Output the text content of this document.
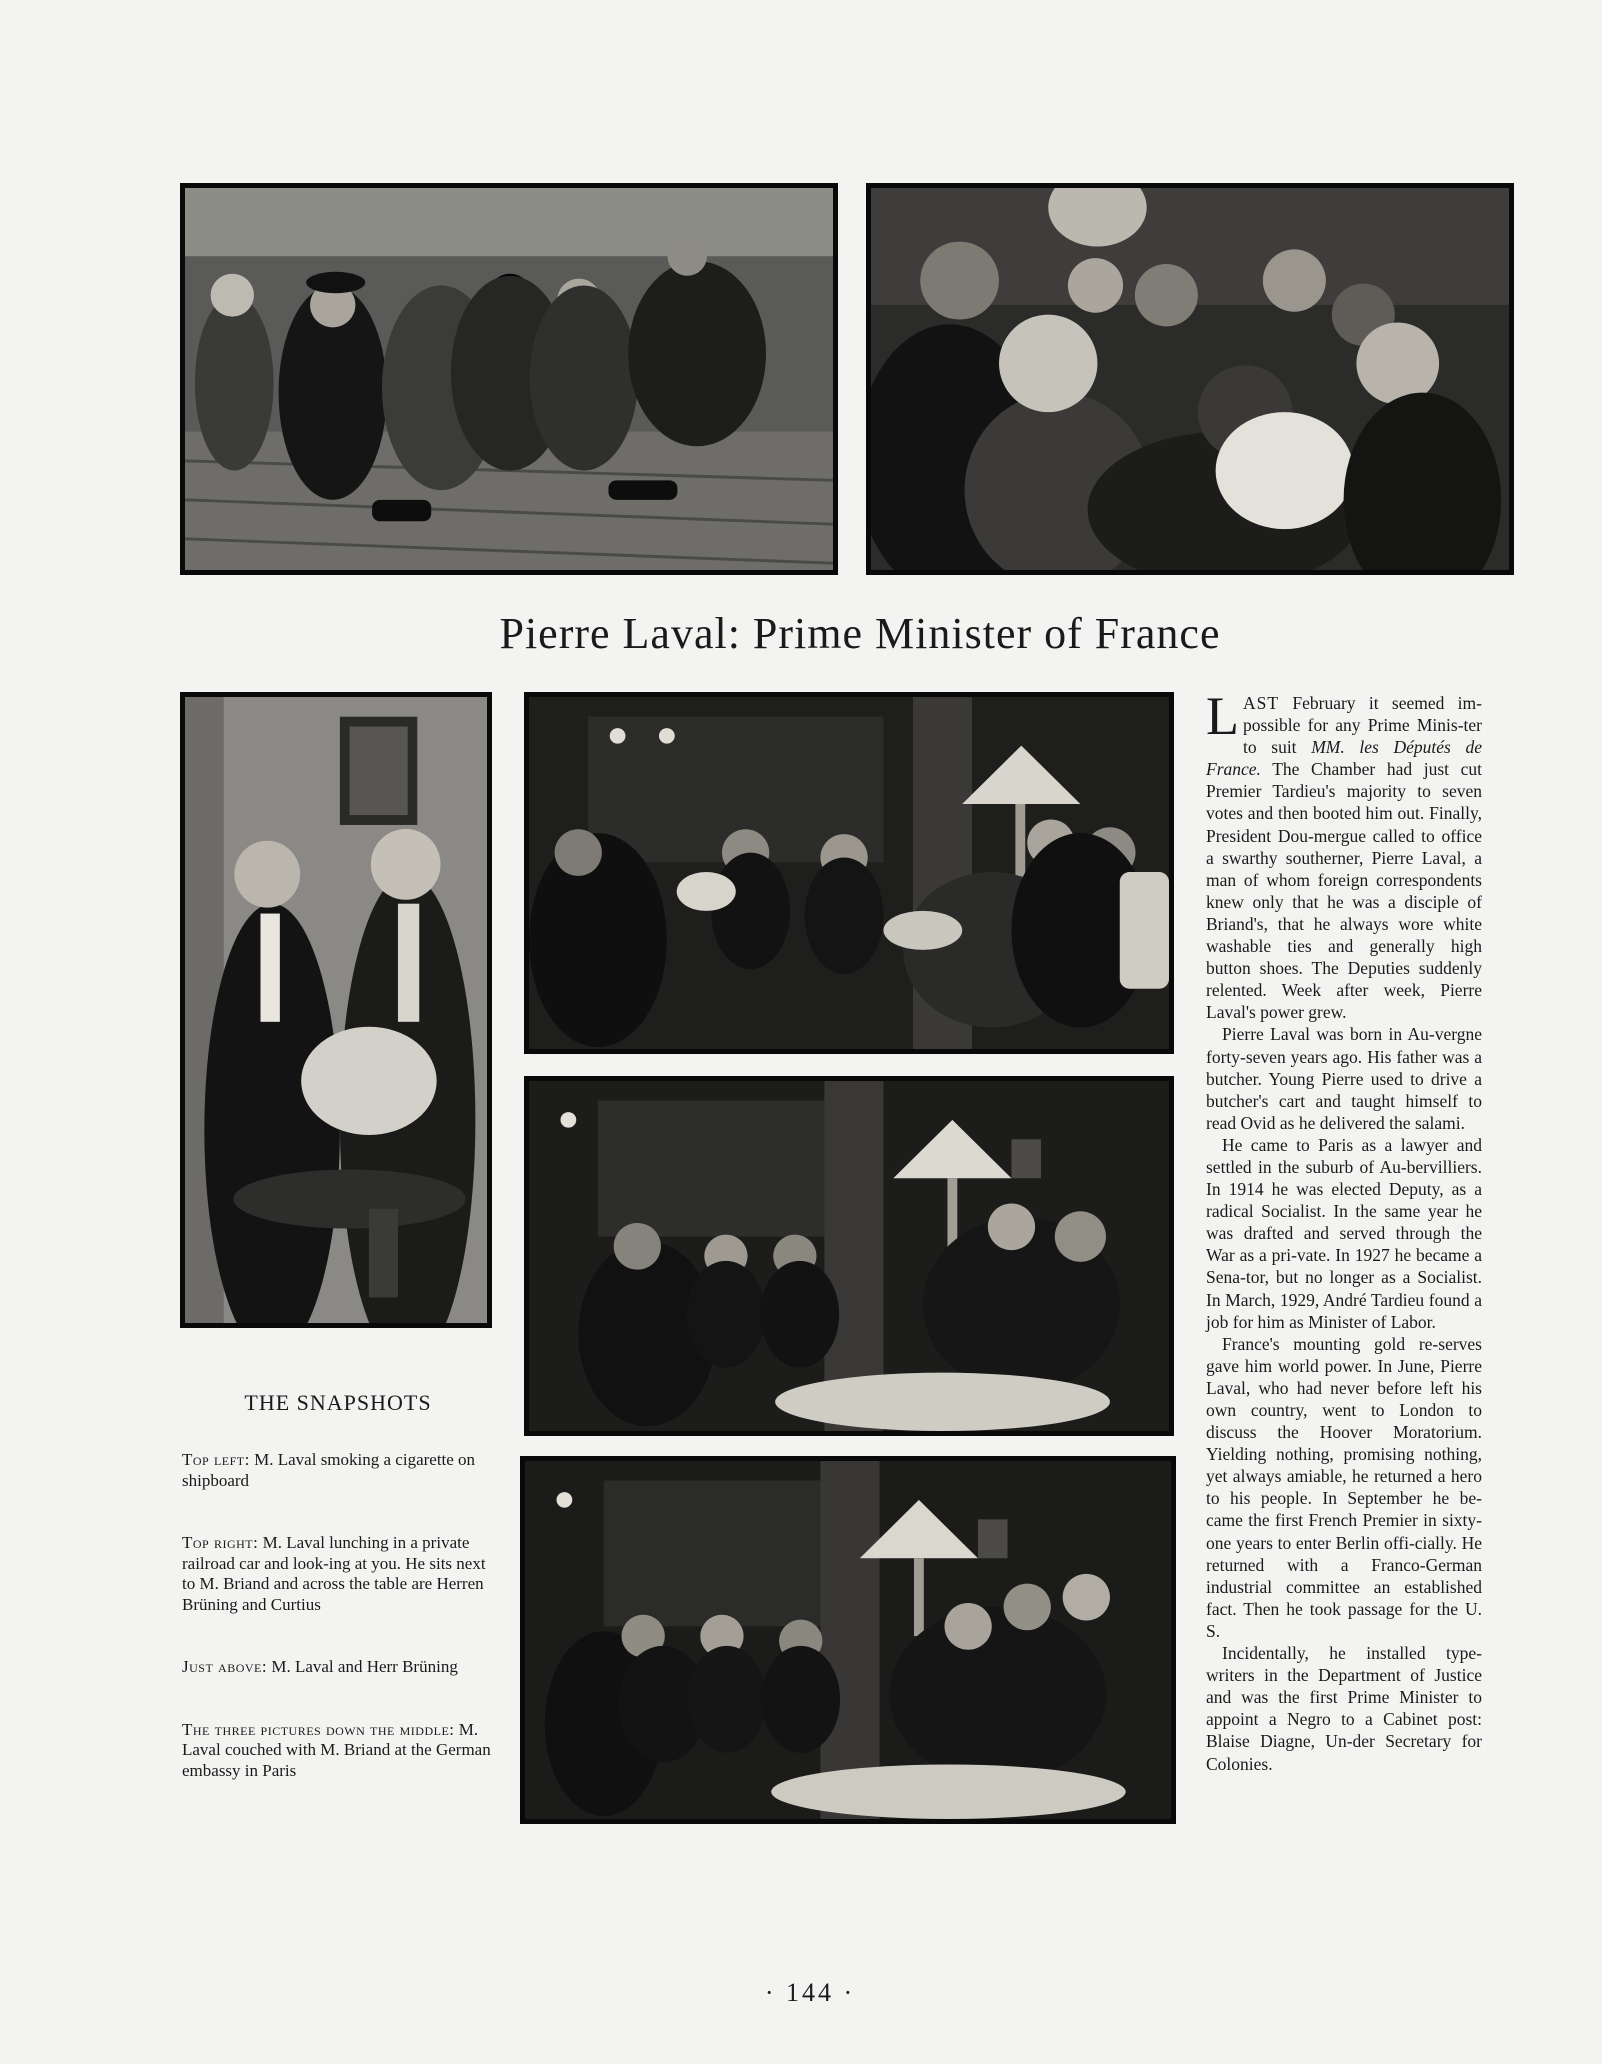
Pierre Laval: Prime Minister of France

LAST February it seemed im-possible for any Prime Minis-ter to suit MM. les Députés de France. The Chamber had just cut Premier Tardieu's majority to seven votes and then booted him out. Finally, President Dou-mergue called to office a swarthy southerner, Pierre Laval, a man of whom foreign correspondents knew only that he was a disciple of Briand's, that he always wore white washable ties and generally high button shoes. The Deputies suddenly relented. Week after week, Pierre Laval's power grew.

Pierre Laval was born in Au-vergne forty-seven years ago. His father was a butcher. Young Pierre used to drive a butcher's cart and taught himself to read Ovid as he delivered the salami.

He came to Paris as a lawyer and settled in the suburb of Au-bervilliers. In 1914 he was elected Deputy, as a radical Socialist. In the same year he was drafted and served through the War as a pri-vate. In 1927 he became a Sena-tor, but no longer as a Socialist. In March, 1929, André Tardieu found a job for him as Minister of Labor.

France's mounting gold re-serves gave him world power. In June, Pierre Laval, who had never before left his own country, went to London to discuss the Hoover Moratorium. Yielding nothing, promising nothing, yet always amiable, he returned a hero to his people. In September he be-came the first French Premier in sixty-one years to enter Berlin offi-cially. He returned with a Franco-German industrial committee an established fact. Then he took passage for the U. S.

Incidentally, he installed type-writers in the Department of Justice and was the first Prime Minister to appoint a Negro to a Cabinet post: Blaise Diagne, Un-der Secretary for Colonies.

THE SNAPSHOTS

Top left: M. Laval smoking a cigarette on shipboard

Top right: M. Laval lunching in a private railroad car and look-ing at you. He sits next to M. Briand and across the table are Herren Brüning and Curtius

Just above: M. Laval and Herr Brüning

The three pictures down the middle: M. Laval couched with M. Briand at the German embassy in Paris

· 144 ·
